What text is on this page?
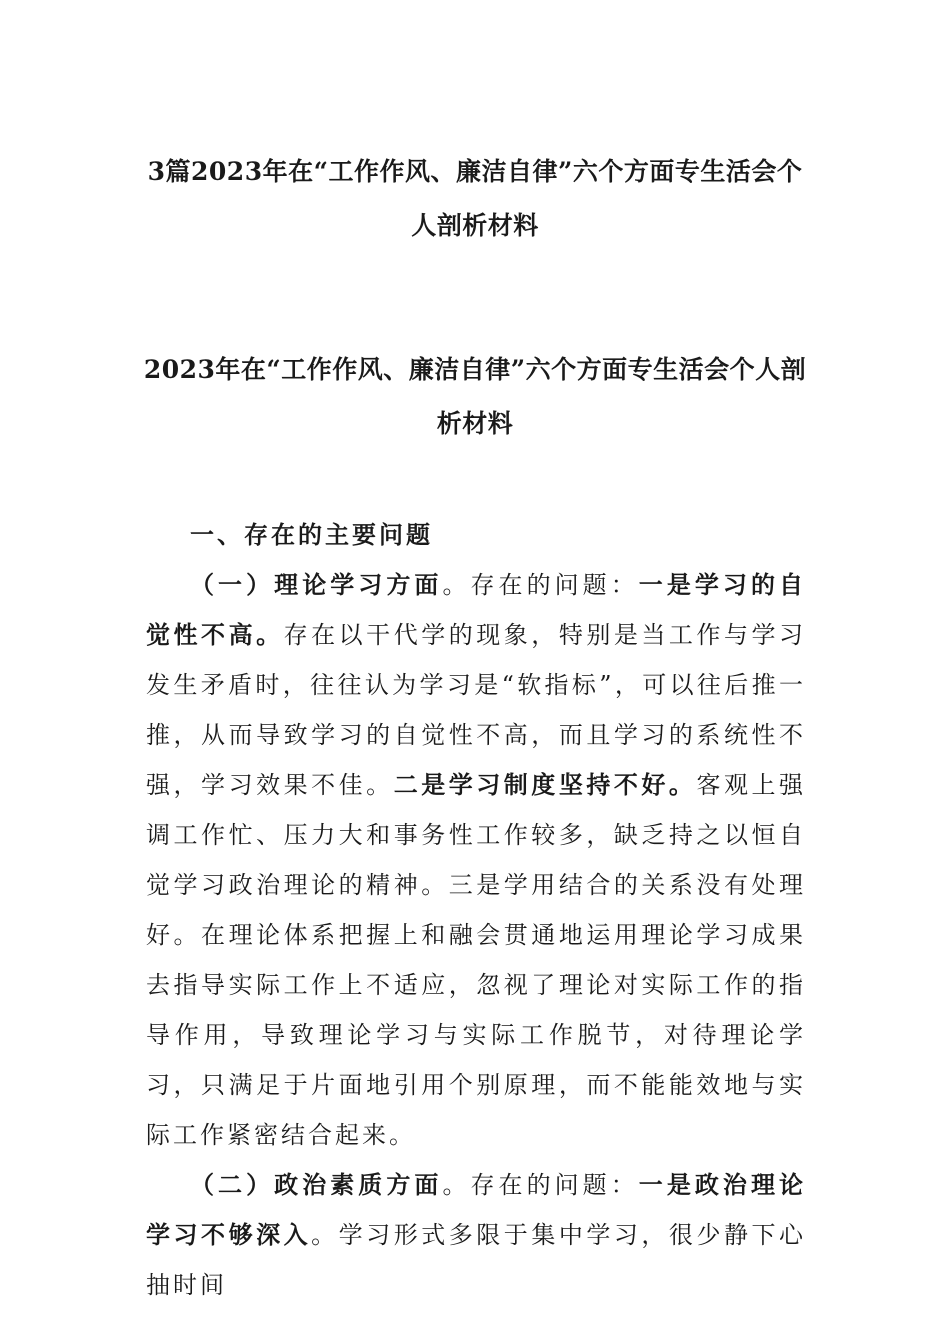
3篇2023年在“工作作风、廉洁自律”六个方面专生活会个人剖析材料
2023年在“工作作风、廉洁自律”六个方面专生活会个人剖析材料

一、存在的主要问题

（一）理论学习方面。存在的问题：一是学习的自觉性不高。存在以干代学的现象，特别是当工作与学习发生矛盾时，往往认为学习是“软指标”，可以往后推一推，从而导致学习的自觉性不高，而且学习的系统性不强，学习效果不佳。二是学习制度坚持不好。客观上强调工作忙、压力大和事务性工作较多，缺乏持之以恒自觉学习政治理论的精神。三是学用结合的关系没有处理好。在理论体系把握上和融会贯通地运用理论学习成果去指导实际工作上不适应，忽视了理论对实际工作的指导作用，导致理论学习与实际工作脱节，对待理论学习，只满足于片面地引用个别原理，而不能能效地与实际工作紧密结合起来。

（二）政治素质方面。存在的问题：一是政治理论学习不够深入。学习形式多限于集中学习，很少静下心抽时间
